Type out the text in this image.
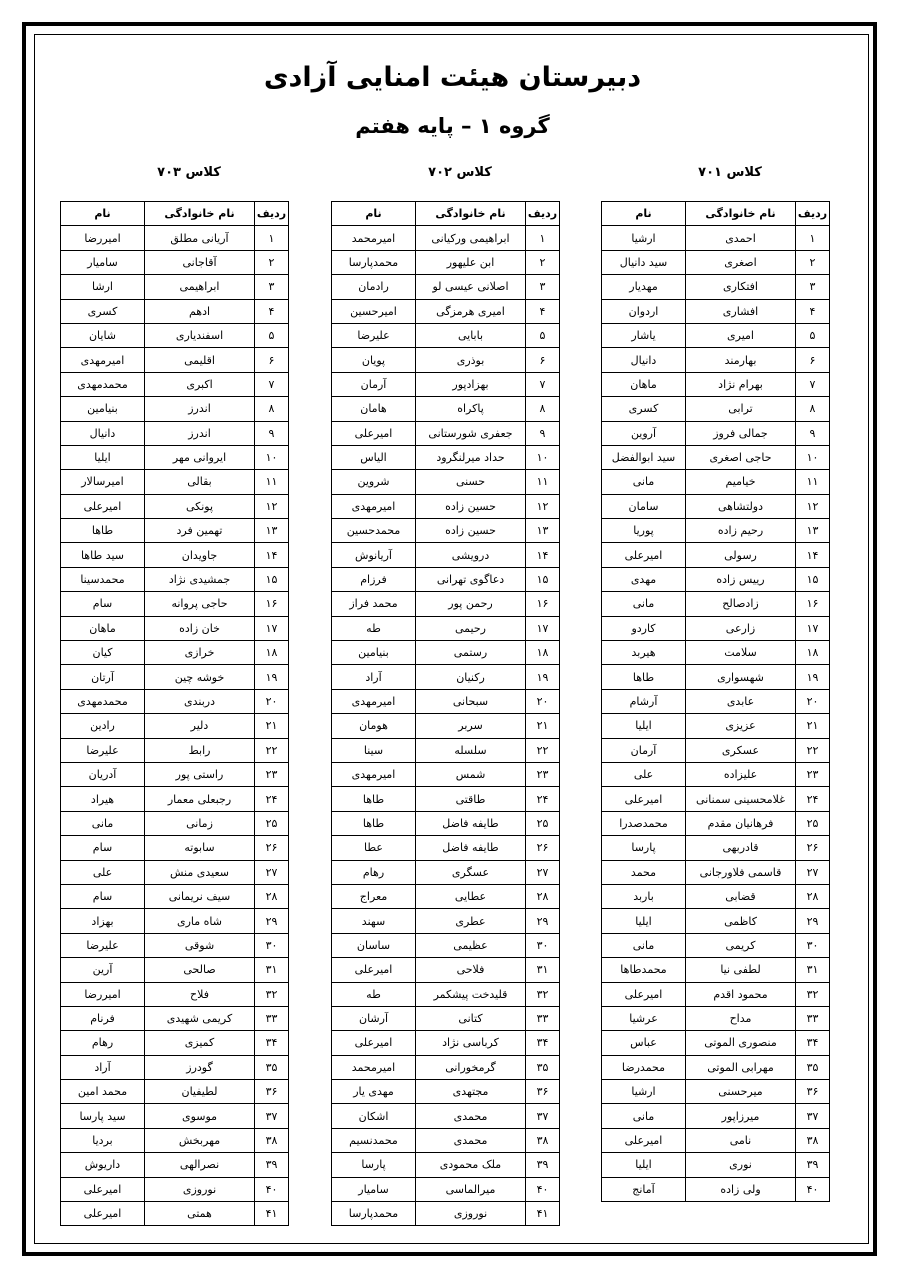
دبیرستان هیئت امنایی آزادی
گروه ۱ – پایه هفتم
کلاس ۷۰۱
کلاس ۷۰۲
کلاس ۷۰۳
ردیف	نام خانوادگی	نام
۱	احمدی	ارشیا
۲	اصغری	سید دانیال
۳	افتکاری	مهدیار
۴	افشاری	اردوان
۵	امیری	یاشار
۶	بهارمند	دانیال
۷	بهرام نژاد	ماهان
۸	ترابی	کسری
۹	جمالی فروز	آروین
۱۰	حاجی اصغری	سید ابوالفضل
۱۱	خیامیم	مانی
۱۲	دولتشاهی	سامان
۱۳	رحیم زاده	پوریا
۱۴	رسولی	امیرعلی
۱۵	رییس زاده	مهدی
۱۶	زادصالح	مانی
۱۷	زارعی	کاردو
۱۸	سلامت	هیربد
۱۹	شهسواری	طاها
۲۰	عابدی	آرشام
۲۱	عزیزی	ایلیا
۲۲	عسکری	آرمان
۲۳	علیزاده	علی
۲۴	غلامحسینی سمنانی	امیرعلی
۲۵	فرهانیان مقدم	محمدصدرا
۲۶	قادربهی	پارسا
۲۷	قاسمی فلاورجانی	محمد
۲۸	قضابی	باربد
۲۹	کاظمی	ایلیا
۳۰	کریمی	مانی
۳۱	لطفی نیا	محمدطاها
۳۲	محمود اقدم	امیرعلی
۳۳	مداح	عرشیا
۳۴	منصوری الموتی	عباس
۳۵	مهرابی الموتی	محمدرضا
۳۶	میرحسنی	ارشیا
۳۷	میرزاپور	مانی
۳۸	نامی	امیرعلی
۳۹	نوری	ایلیا
۴۰	ولی زاده	آمانج
ردیف	نام خانوادگی	نام
۱	ابراهیمی ورکیانی	امیرمحمد
۲	ابن علیهور	محمدپارسا
۳	اصلانی عیسی لو	رادمان
۴	امیری هرمزگی	امیرحسین
۵	بابایی	علیرضا
۶	بوذری	پویان
۷	بهزادپور	آرمان
۸	پاکراه	هامان
۹	جعفری شورستانی	امیرعلی
۱۰	حداد میرلنگرود	الیاس
۱۱	حسنی	شروین
۱۲	حسین زاده	امیرمهدی
۱۳	حسین زاده	محمدحسین
۱۴	درویشی	آریانوش
۱۵	دعاگوی تهرانی	فرزام
۱۶	رحمن پور	محمد فراز
۱۷	رحیمی	طه
۱۸	رستمی	بنیامین
۱۹	رکنیان	آراد
۲۰	سبحانی	امیرمهدی
۲۱	سربر	هومان
۲۲	سلسله	سینا
۲۳	شمس	امیرمهدی
۲۴	طاقتی	طاها
۲۵	طایفه فاضل	طاها
۲۶	طایفه فاضل	عطا
۲۷	عسگری	رهام
۲۸	عطایی	معراج
۲۹	عطری	سهند
۳۰	عظیمی	ساسان
۳۱	فلاحی	امیرعلی
۳۲	قلیدخت پیشکمر	طه
۳۳	کتانی	آرشان
۳۴	کرباسی نژاد	امیرعلی
۳۵	گرمخورانی	امیرمحمد
۳۶	مجتهدی	مهدی یار
۳۷	محمدی	اشکان
۳۸	محمدی	محمدنسیم
۳۹	ملک محمودی	پارسا
۴۰	میرالماسی	سامیار
۴۱	نوروزی	محمدپارسا
ردیف	نام خانوادگی	نام
۱	آریانی مطلق	امیررضا
۲	آقاجانی	سامیار
۳	ابراهیمی	ارشا
۴	ادهم	کسری
۵	اسفندیاری	شایان
۶	اقلیمی	امیرمهدی
۷	اکبری	محمدمهدی
۸	اندرز	بنیامین
۹	اندرز	دانیال
۱۰	ایروانی مهر	ایلیا
۱۱	بقالی	امیرسالار
۱۲	پونکی	امیرعلی
۱۳	تهمین فرد	طاها
۱۴	جاویدان	سید طاها
۱۵	جمشیدی نژاد	محمدسینا
۱۶	حاجی پروانه	سام
۱۷	خان زاده	ماهان
۱۸	خرازی	کیان
۱۹	خوشه چین	آرتان
۲۰	دربندی	محمدمهدی
۲۱	دلیر	رادین
۲۲	رابط	علیرضا
۲۳	راستی پور	آدریان
۲۴	رجبعلی معمار	هیراد
۲۵	زمانی	مانی
۲۶	سابوته	سام
۲۷	سعیدی منش	علی
۲۸	سیف نریمانی	سام
۲۹	شاه ماری	بهزاد
۳۰	شوقی	علیرضا
۳۱	صالحی	آرین
۳۲	فلاح	امیررضا
۳۳	کریمی شهیدی	فرنام
۳۴	کمیزی	رهام
۳۵	گودرز	آراد
۳۶	لطیفیان	محمد امین
۳۷	موسوی	سید پارسا
۳۸	مهربخش	بردیا
۳۹	نصرالهی	داریوش
۴۰	نوروزی	امیرعلی
۴۱	همتی	امیرعلی
